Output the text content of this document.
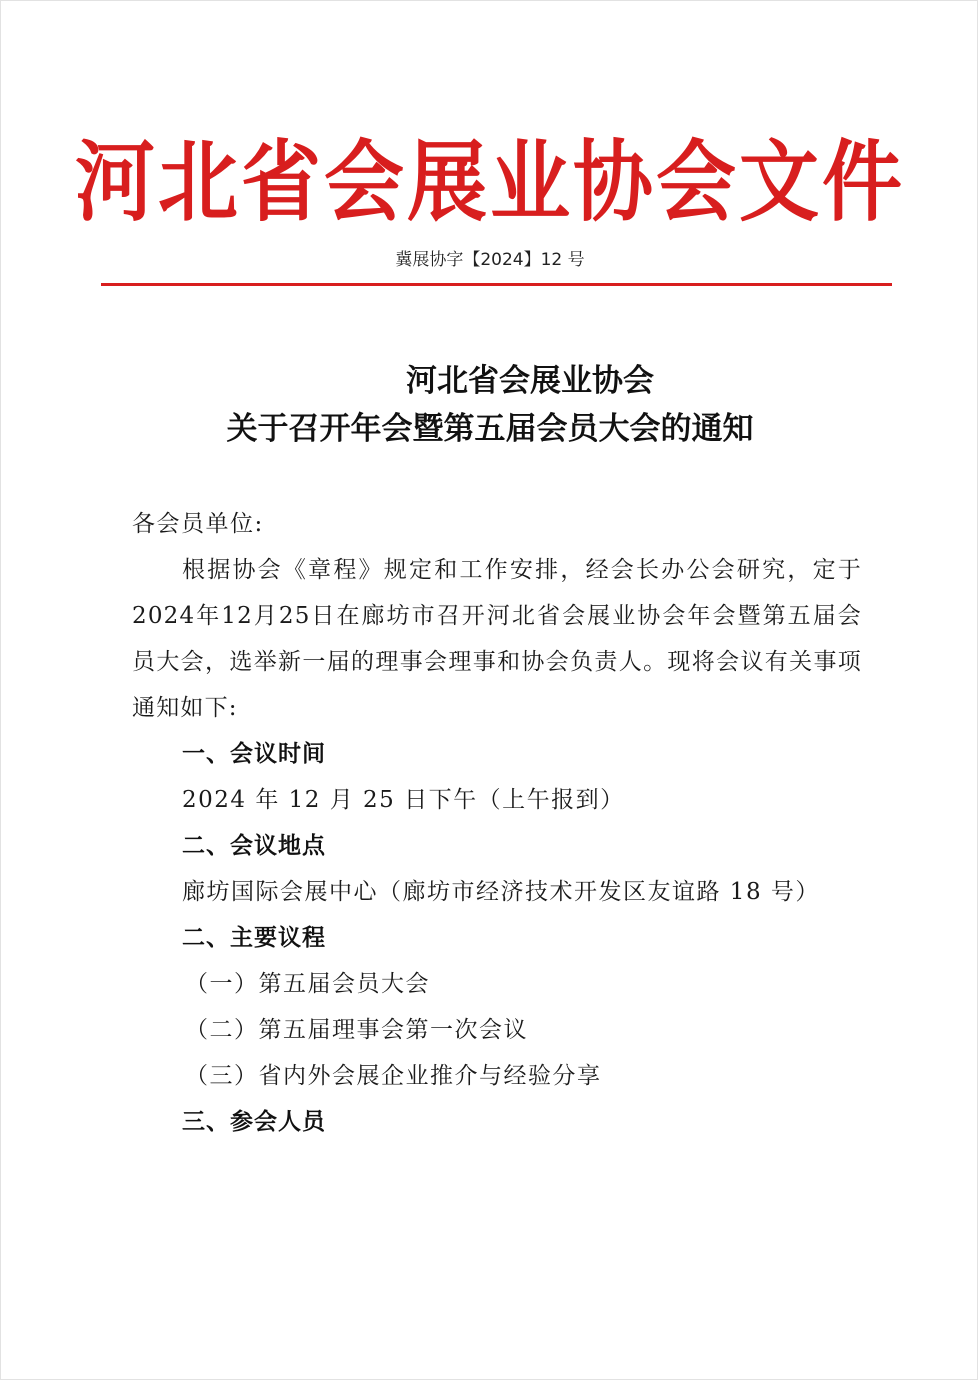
河北省会展业协会文件
冀展协字【2024】12 号
河北省会展业协会
关于召开年会暨第五届会员大会的通知
各会员单位:
根据协会《章程》规定和工作安排，经会长办公会研究，定于2024年12月25日在廊坊市召开河北省会展业协会年会暨第五届会员大会，选举新一届的理事会理事和协会负责人。现将会议有关事项通知如下:
一、会议时间
2024 年 12 月 25 日下午（上午报到）
二、会议地点
廊坊国际会展中心（廊坊市经济技术开发区友谊路 18 号）
二、主要议程
（一）第五届会员大会
（二）第五届理事会第一次会议
（三）省内外会展企业推介与经验分享
三、参会人员
